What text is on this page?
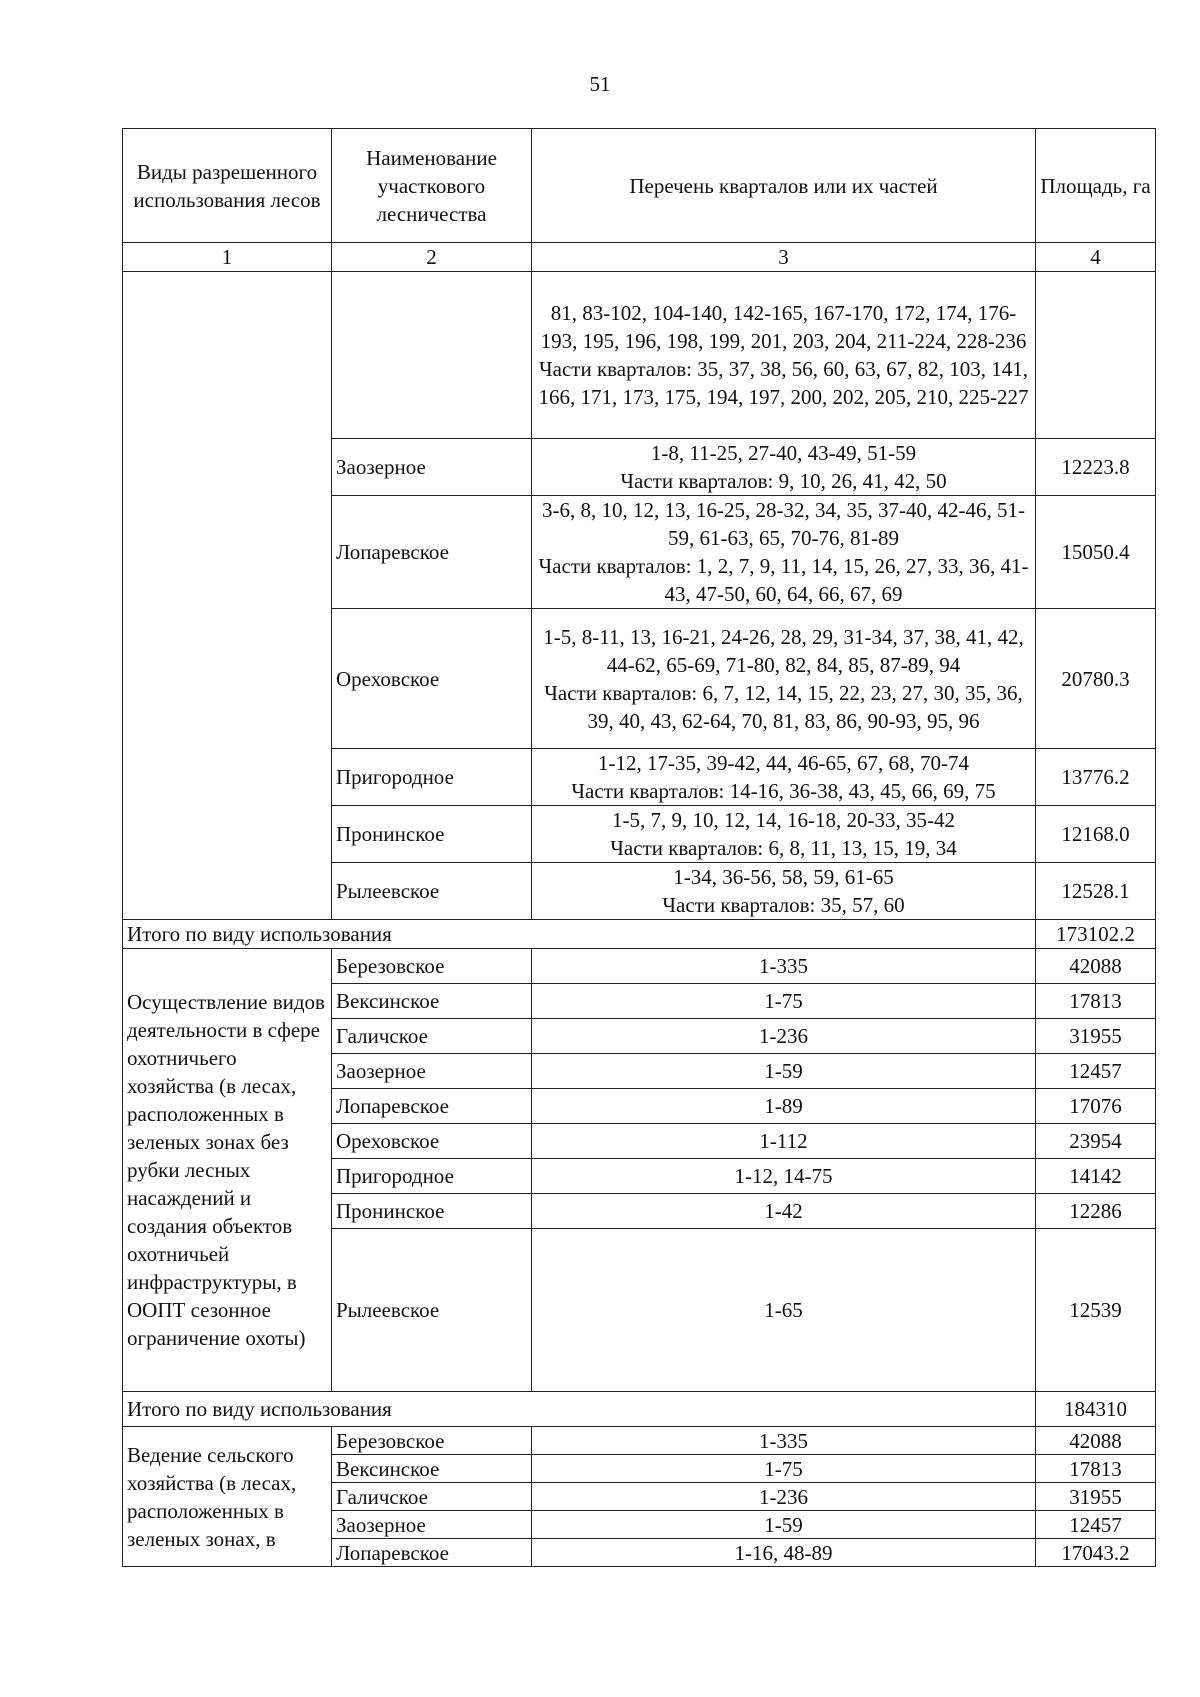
51
Виды разрешенного использования лесов	Наименование участкового лесничества	Перечень кварталов или их частей	Площадь, га
1	2	3	4

		81, 83-102, 104-140, 142-165, 167-170, 172, 174, 176-193, 195, 196, 198, 199, 201, 203, 204, 211-224, 228-236
Части кварталов: 35, 37, 38, 56, 60, 63, 67, 82, 103, 141, 166, 171, 173, 175, 194, 197, 200, 202, 205, 210, 225-227	

	Заозерное	1-8, 11-25, 27-40, 43-49, 51-59
Части кварталов: 9, 10, 26, 41, 42, 50	12223.8
	Лопаревское	3-6, 8, 10, 12, 13, 16-25, 28-32, 34, 35, 37-40, 42-46, 51-59, 61-63, 65, 70-76, 81-89
Части кварталов: 1, 2, 7, 9, 11, 14, 15, 26, 27, 33, 36, 41-43, 47-50, 60, 64, 66, 67, 69	15050.4
	Ореховское	1-5, 8-11, 13, 16-21, 24-26, 28, 29, 31-34, 37, 38, 41, 42, 44-62, 65-69, 71-80, 82, 84, 85, 87-89, 94
Части кварталов: 6, 7, 12, 14, 15, 22, 23, 27, 30, 35, 36, 39, 40, 43, 62-64, 70, 81, 83, 86, 90-93, 95, 96	20780.3
	Пригородное	1-12, 17-35, 39-42, 44, 46-65, 67, 68, 70-74
Части кварталов: 14-16, 36-38, 43, 45, 66, 69, 75	13776.2
	Пронинское	1-5, 7, 9, 10, 12, 14, 16-18, 20-33, 35-42
Части кварталов: 6, 8, 11, 13, 15, 19, 34	12168.0
	Рылеевское	1-34, 36-56, 58, 59, 61-65
Части кварталов: 35, 57, 60	12528.1
Итого по виду использования			173102.2
Осуществление видов деятельности в сфере охотничьего хозяйства (в лесах, расположенных в зеленых зонах без рубки лесных насаждений и создания объектов охотничьей инфраструктуры, в ООПТ сезонное ограничение охоты)	Березовское	1-335	42088
	Вексинское	1-75	17813
	Галичское	1-236	31955
	Заозерное	1-59	12457
	Лопаревское	1-89	17076
	Ореховское	1-112	23954
	Пригородное	1-12, 14-75	14142
	Пронинское	1-42	12286
	Рылеевское	1-65	12539
Итого по виду использования			184310
Ведение сельского хозяйства (в лесах, расположенных в зеленых зонах, в	Березовское	1-335	42088
	Вексинское	1-75	17813
	Галичское	1-236	31955
	Заозерное	1-59	12457
	Лопаревское	1-16, 48-89	17043.2
